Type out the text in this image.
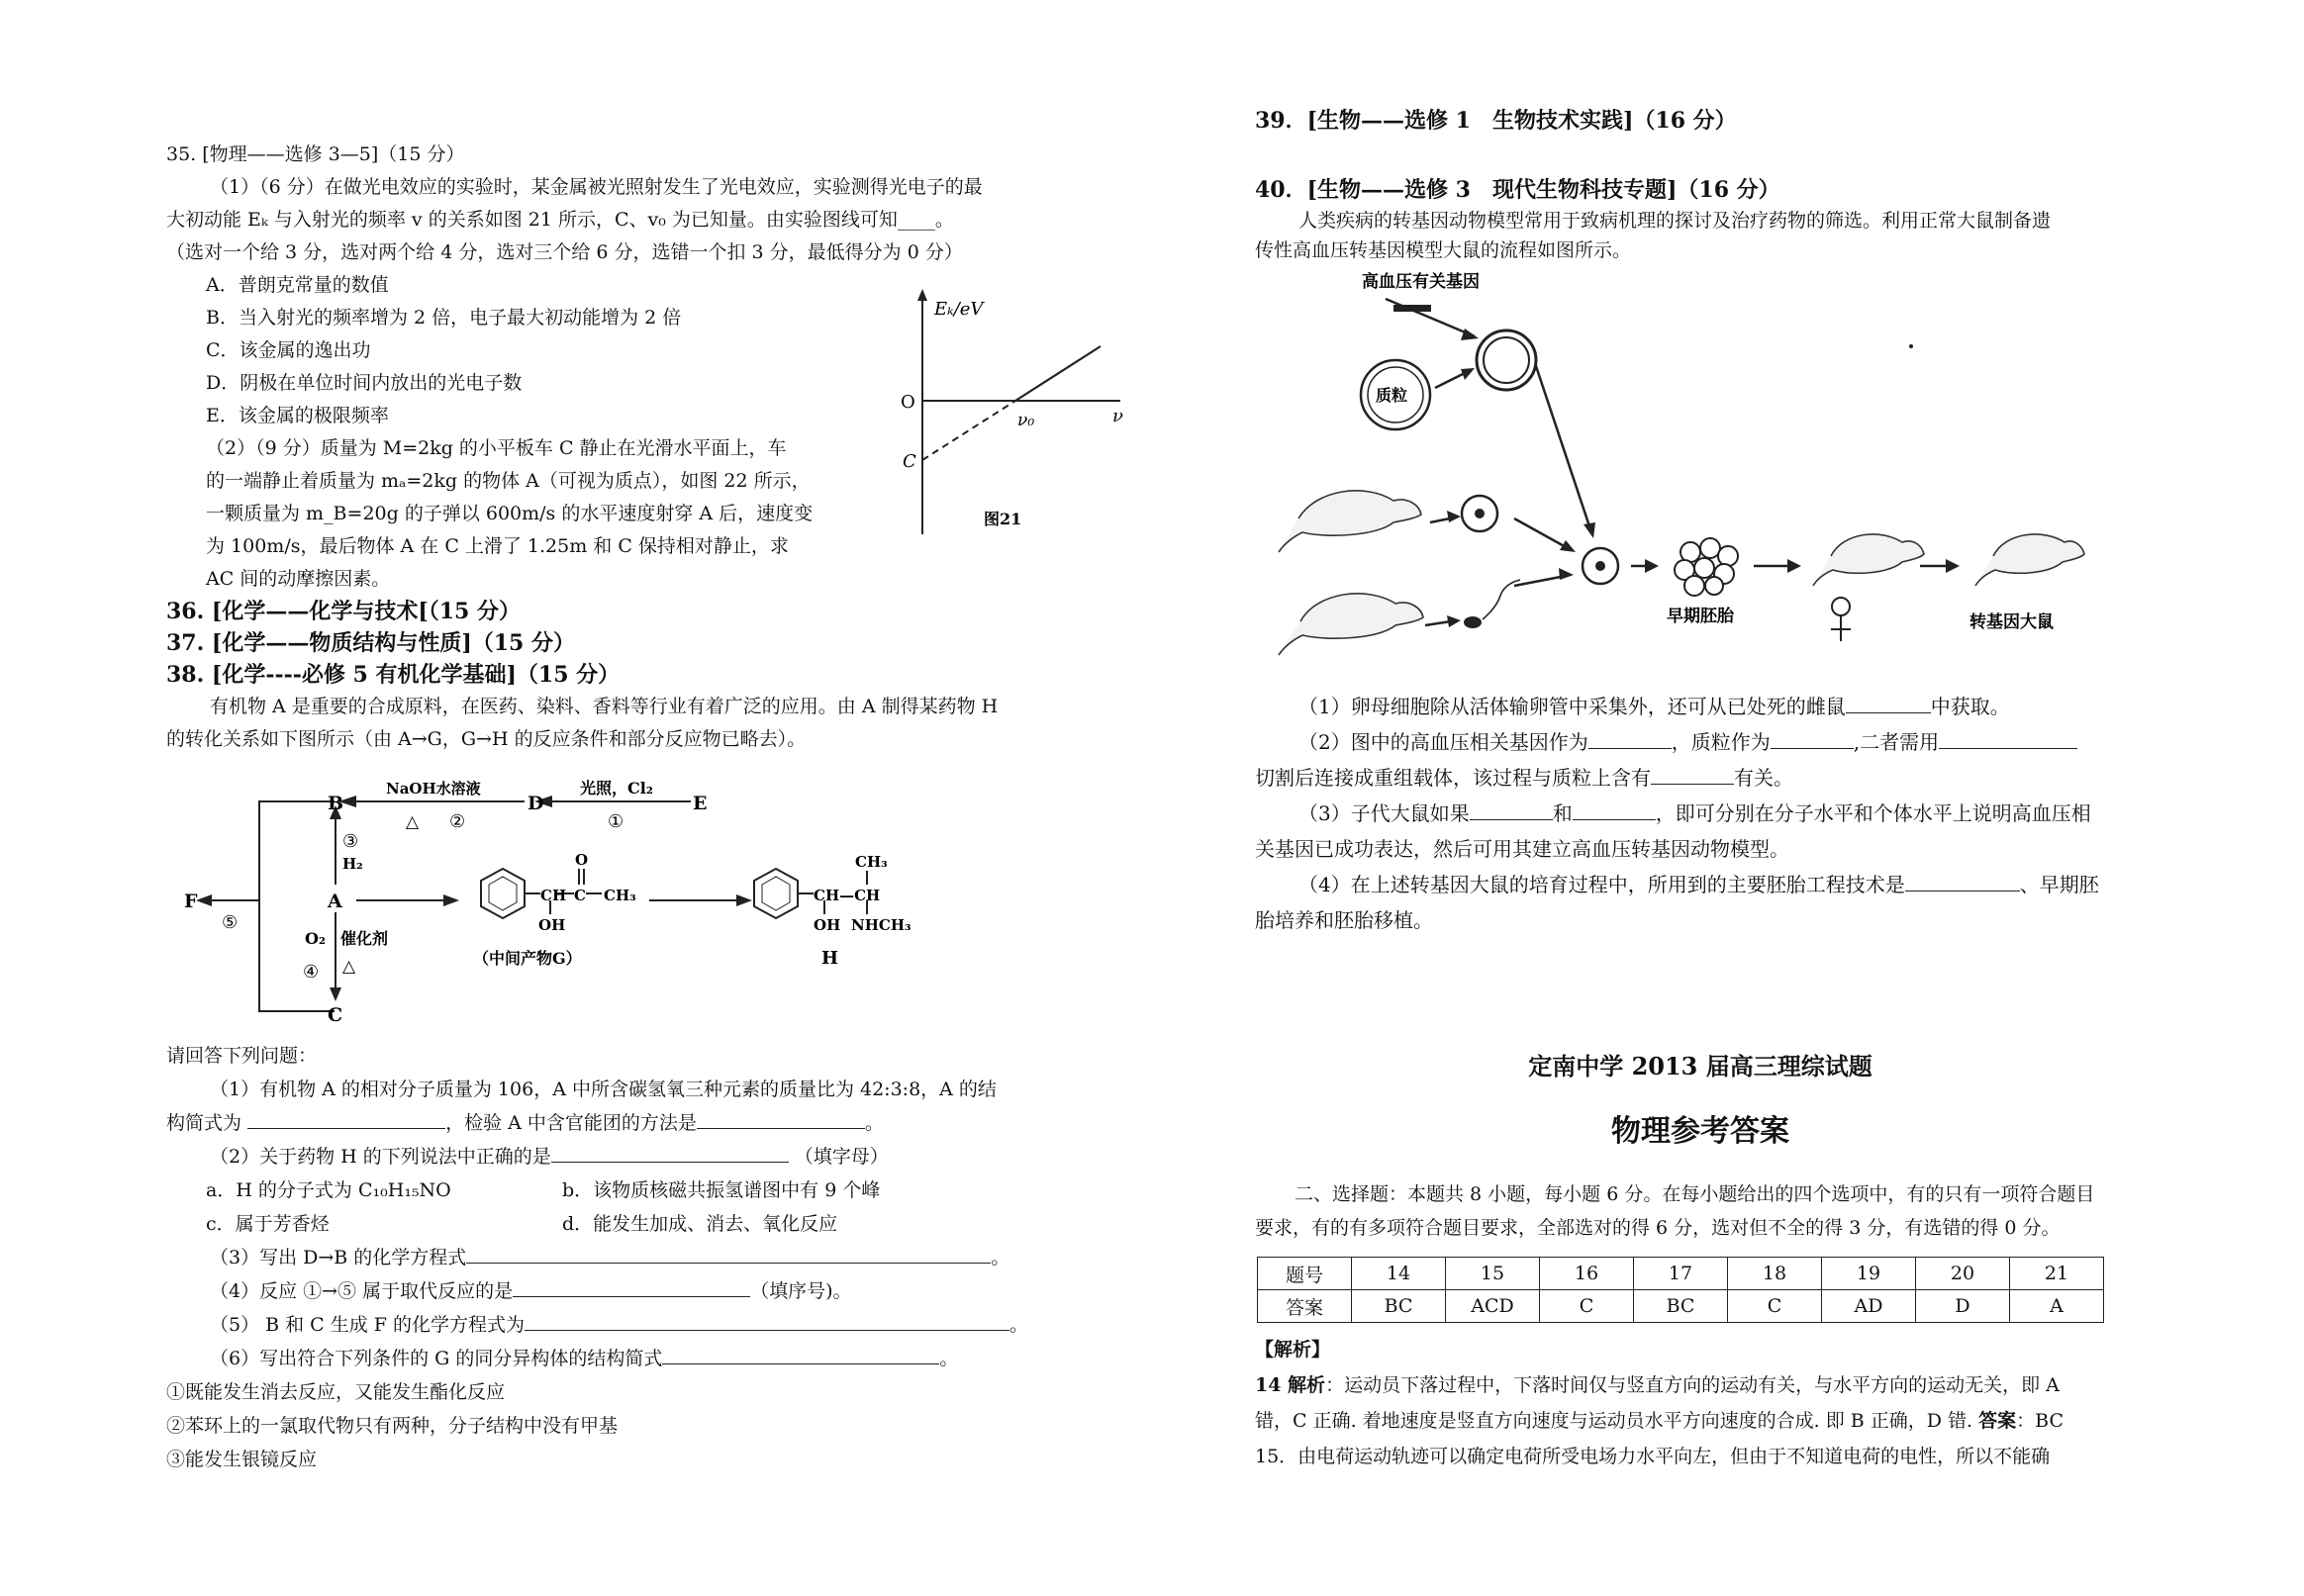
35. [物理——选修 3—5]（15 分）
（1）（6 分）在做光电效应的实验时，某金属被光照射发生了光电效应，实验测得光电子的最
大初动能 Eₖ 与入射光的频率 v 的关系如图 21 所示，C、v₀ 为已知量。由实验图线可知____。
（选对一个给 3 分，选对两个给 4 分，选对三个给 6 分，选错一个扣 3 分，最低得分为 0 分）
A．普朗克常量的数值
B．当入射光的频率增为 2 倍，电子最大初动能增为 2 倍
C．该金属的逸出功
D．阴极在单位时间内放出的光电子数
E．该金属的极限频率
（2）（9 分）质量为 M=2kg 的小平板车 C 静止在光滑水平面上，车
的一端静止着质量为 mₐ=2kg 的物体 A（可视为质点），如图 22 所示，
一颗质量为 m_B=20g 的子弹以 600m/s 的水平速度射穿 A 后，速度变
为 100m/s，最后物体 A 在 C 上滑了 1.25m 和 C 保持相对静止，求
AC 间的动摩擦因素。
36. [化学——化学与技术[（15 分）
37. [化学——物质结构与性质]（15 分）
38. [化学----必修 5 有机化学基础]（15 分）
有机物 A 是重要的合成原料，在医药、染料、香料等行业有着广泛的应用。由 A 制得某药物 H
的转化关系如下图所示（由 A→G，G→H 的反应条件和部分反应物已略去）。
Eₖ/eV
ν
O
ν₀
C
图21
B	D	E
A
C
F
NaOH水溶液
△ ②
光照，Cl₂
①
③
H₂
O₂ 催化剂
④ △
⑤
CH C CH₃
O
OH
（中间产物G）
CH—CH
CH₃
OH NHCH₃
H
请回答下列问题：
（1）有机物 A 的相对分子质量为 106，A 中所含碳氢氧三种元素的质量比为 42:3:8，A 的结
构简式为	，检验 A 中含官能团的方法是	。
（2）关于药物 H 的下列说法中正确的是	（填字母）
a．H 的分子式为 C₁₀H₁₅NO	b．该物质核磁共振氢谱图中有 9 个峰
c．属于芳香烃	d．能发生加成、消去、氧化反应
（3）写出 D→B 的化学方程式	。
（4）反应 ①→⑤ 属于取代反应的是	（填序号)。
（5） B 和 C 生成 F 的化学方程式为	。
（6）写出符合下列条件的 G 的同分异构体的结构简式	。
①既能发生消去反应，又能发生酯化反应
②苯环上的一氯取代物只有两种，分子结构中没有甲基
③能发生银镜反应
39．[生物——选修 1　生物技术实践]（16 分）
40．[生物——选修 3　现代生物科技专题]（16 分）
人类疾病的转基因动物模型常用于致病机理的探讨及治疗药物的筛选。利用正常大鼠制备遗
传性高血压转基因模型大鼠的流程如图所示。
高血压有关基因
质粒
早期胚胎	转基因大鼠
（1）卵母细胞除从活体输卵管中采集外，还可从已处死的雌鼠	中获取。
（2）图中的高血压相关基因作为	，质粒作为	,二者需用
切割后连接成重组载体，该过程与质粒上含有	有关。
（3）子代大鼠如果	和	，即可分别在分子水平和个体水平上说明高血压相
关基因已成功表达，然后可用其建立高血压转基因动物模型。
（4）在上述转基因大鼠的培育过程中，所用到的主要胚胎工程技术是	、早期胚
胎培养和胚胎移植。
定南中学 2013 届高三理综试题
物理参考答案
二、选择题：本题共 8 小题，每小题 6 分。在每小题给出的四个选项中，有的只有一项符合题目
要求，有的有多项符合题目要求，全部选对的得 6 分，选对但不全的得 3 分，有选错的得 0 分。
题号	14	15	16	17	18	19	20	21
答案	BC	ACD	C	BC	C	AD	D	A
【解析】
14 解析：运动员下落过程中，下落时间仅与竖直方向的运动有关，与水平方向的运动无关，即 A
错，C 正确. 着地速度是竖直方向速度与运动员水平方向速度的合成. 即 B 正确，D 错. 答案：BC
15．由电荷运动轨迹可以确定电荷所受电场力水平向左，但由于不知道电荷的电性，所以不能确
